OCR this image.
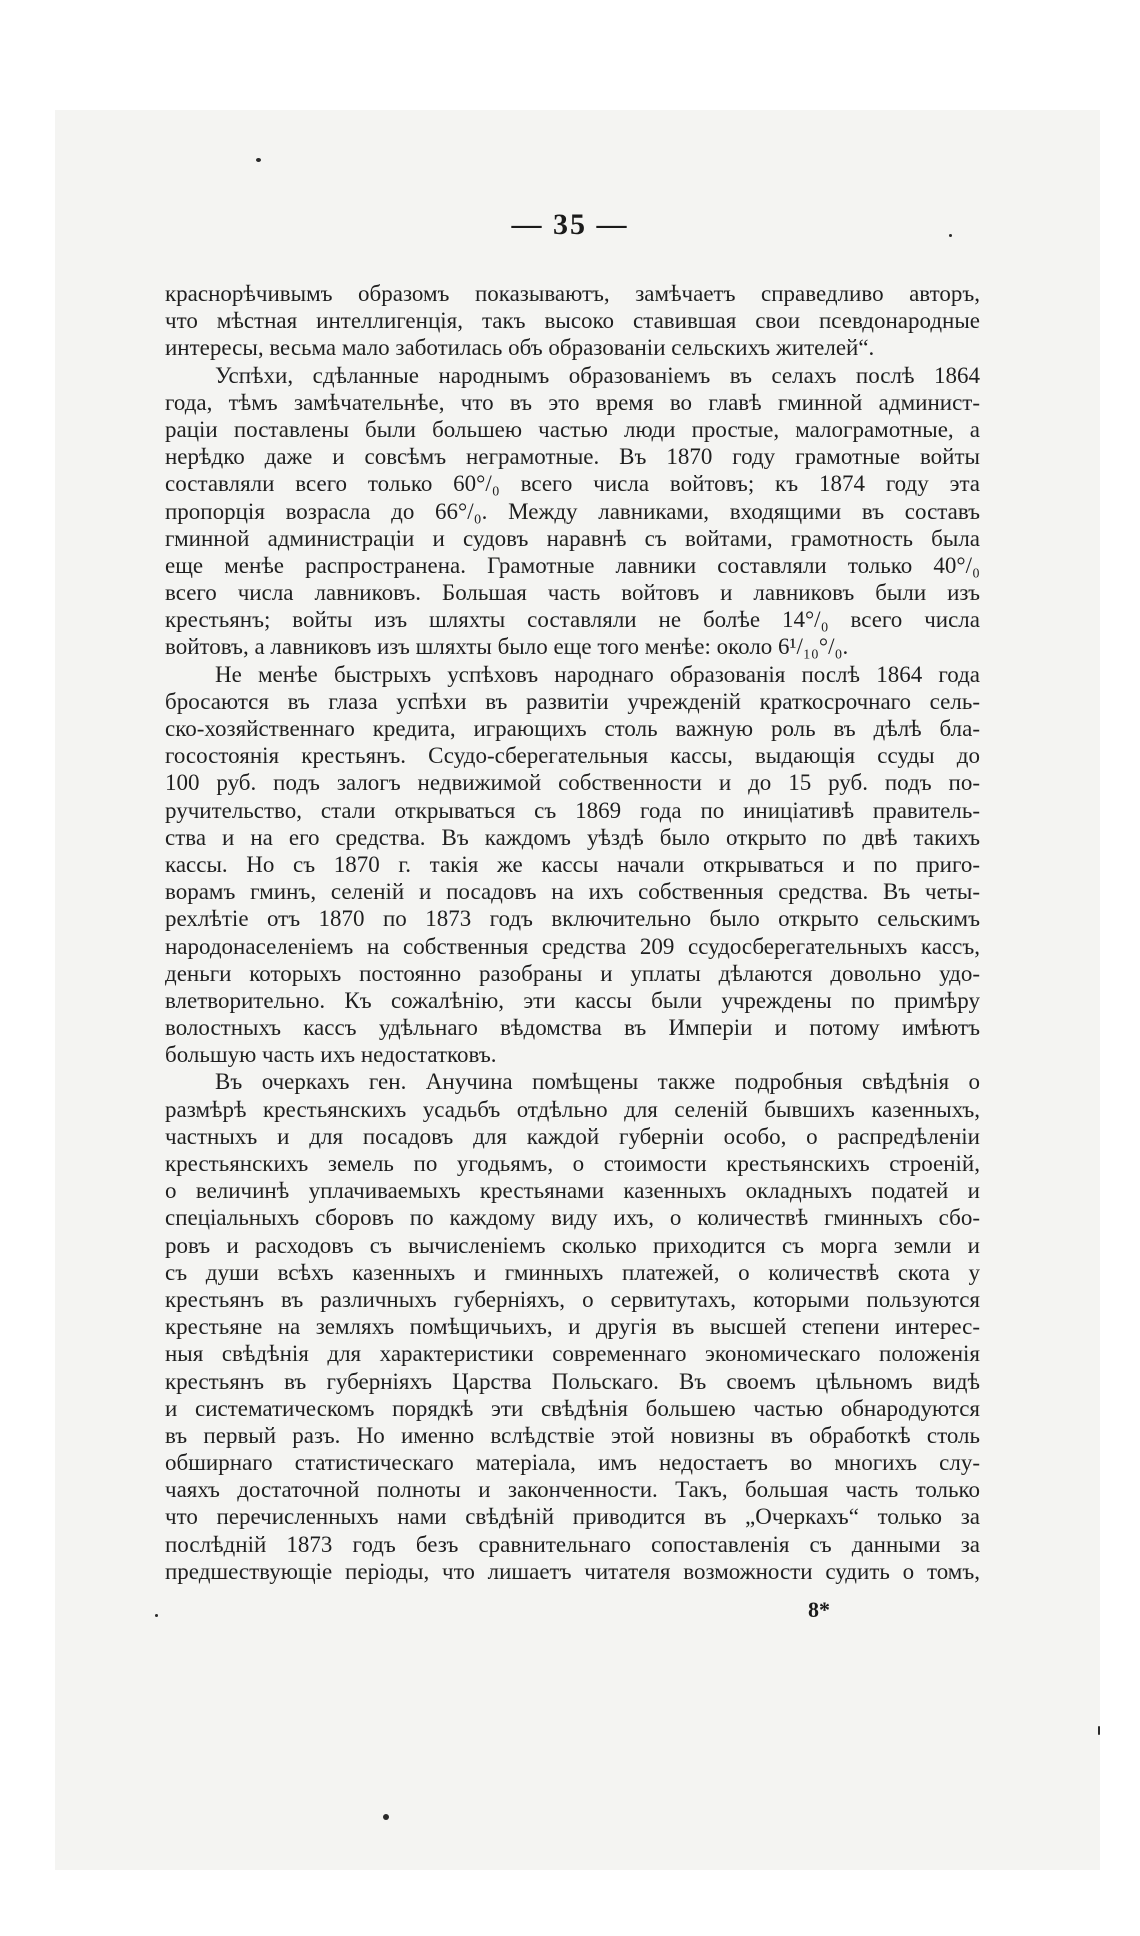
— 35 —
краснорѣчивымъ образомъ показываютъ, замѣчаетъ справедливо авторъ,
что мѣстная интеллигенція, такъ высоко ставившая свои псевдонародные
интересы, весьма мало заботилась объ образованіи сельскихъ жителей“.
Успѣхи, сдѣланные народнымъ образованіемъ въ селахъ послѣ 1864
года, тѣмъ замѣчательнѣе, что въ это время во главѣ гминной админист-
раціи поставлены были большею частью люди простые, малограмотные, а
нерѣдко даже и совсѣмъ неграмотные. Въ 1870 году грамотные войты
составляли всего только 60°/₀ всего числа войтовъ; къ 1874 году эта
пропорція возрасла до 66°/₀. Между лавниками, входящими въ составъ
гминной администраціи и судовъ наравнѣ съ войтами, грамотность была
еще менѣе распространена. Грамотные лавники составляли только 40°/₀
всего числа лавниковъ. Большая часть войтовъ и лавниковъ были изъ
крестьянъ; войты изъ шляхты составляли не болѣе 14°/₀ всего числа
войтовъ, а лавниковъ изъ шляхты было еще того менѣе: около 6¹/₁₀°/₀.
Не менѣе быстрыхъ успѣховъ народнаго образованія послѣ 1864 года
бросаются въ глаза успѣхи въ развитіи учрежденій краткосрочнаго сель-
ско-хозяйственнаго кредита, играющихъ столь важную роль въ дѣлѣ бла-
госостоянія крестьянъ. Ссудо-сберегательныя кассы, выдающія ссуды до
100 руб. подъ залогъ недвижимой собственности и до 15 руб. подъ по-
ручительство, стали открываться съ 1869 года по иниціативѣ правитель-
ства и на его средства. Въ каждомъ уѣздѣ было открыто по двѣ такихъ
кассы. Но съ 1870 г. такія же кассы начали открываться и по приго-
ворамъ гминъ, селеній и посадовъ на ихъ собственныя средства. Въ четы-
рехлѣтіе отъ 1870 по 1873 годъ включительно было открыто сельскимъ
народонаселеніемъ на собственныя средства 209 ссудосберегательныхъ кассъ,
деньги которыхъ постоянно разобраны и уплаты дѣлаются довольно удо-
влетворительно. Къ сожалѣнію, эти кассы были учреждены по примѣру
волостныхъ кассъ удѣльнаго вѣдомства въ Имперіи и потому имѣютъ
большую часть ихъ недостатковъ.
Въ очеркахъ ген. Анучина помѣщены также подробныя свѣдѣнія о
размѣрѣ крестьянскихъ усадьбъ отдѣльно для селеній бывшихъ казенныхъ,
частныхъ и для посадовъ для каждой губерніи особо, о распредѣленіи
крестьянскихъ земель по угодьямъ, о стоимости крестьянскихъ строеній,
о величинѣ уплачиваемыхъ крестьянами казенныхъ окладныхъ податей и
спеціальныхъ сборовъ по каждому виду ихъ, о количествѣ гминныхъ сбо-
ровъ и расходовъ съ вычисленіемъ сколько приходится съ морга земли и
съ души всѣхъ казенныхъ и гминныхъ платежей, о количествѣ скота у
крестьянъ въ различныхъ губерніяхъ, о сервитутахъ, которыми пользуются
крестьяне на земляхъ помѣщичьихъ, и другія въ высшей степени интерес-
ныя свѣдѣнія для характеристики современнаго экономическаго положенія
крестьянъ въ губерніяхъ Царства Польскаго. Въ своемъ цѣльномъ видѣ
и систематическомъ порядкѣ эти свѣдѣнія большею частью обнародуются
въ первый разъ. Но именно вслѣдствіе этой новизны въ обработкѣ столь
обширнаго статистическаго матеріала, имъ недостаетъ во многихъ слу-
чаяхъ достаточной полноты и законченности. Такъ, большая часть только
что перечисленныхъ нами свѣдѣній приводится въ „Очеркахъ“ только за
послѣдній 1873 годъ безъ сравнительнаго сопоставленія съ данными за
предшествующіе періоды, что лишаетъ читателя возможности судить о томъ,
8*
